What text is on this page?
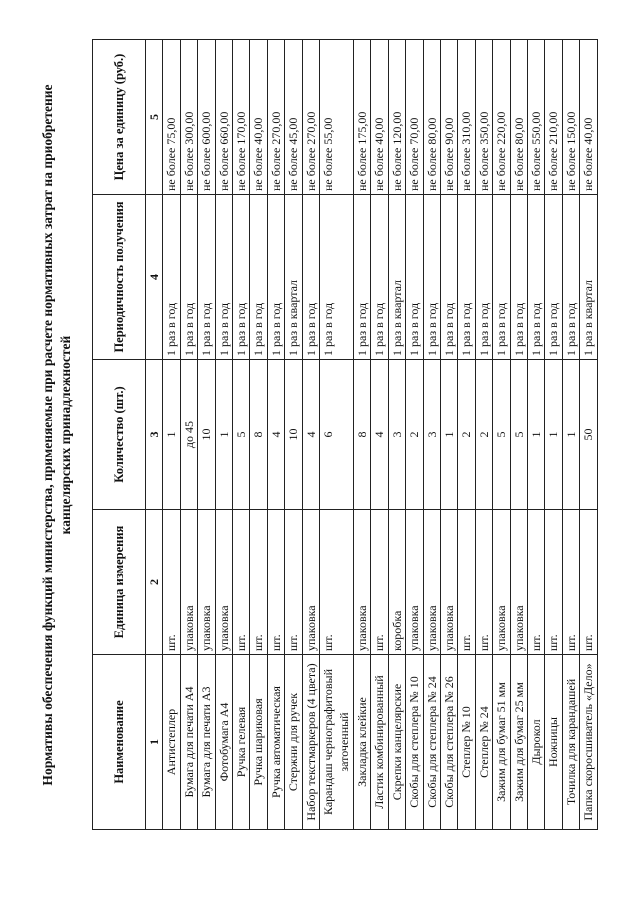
Нормативы обеспечения функций министерства, применяемые при расчете нормативных затрат на приобретение канцелярских принадлежностей
Наименование	Единица измерения	Количество (шт.)	Периодичность получения	Цена за единицу (руб.)
1	2	3	4	5
Антистеплер	шт.	1	1 раз в год	не более 75,00
Бумага для печати А4	упаковка	до 45	1 раз в год	не более 300,00
Бумага для печати А3	упаковка	10	1 раз в год	не более 600,00
Фотобумага А4	упаковка	1	1 раз в год	не более 660,00
Ручка гелевая	шт.	5	1 раз в год	не более 170,00
Ручка шариковая	шт.	8	1 раз в год	не более 40,00
Ручка автоматическая	шт.	4	1 раз в год	не более 270,00
Стержни для ручек	шт.	10	1 раз в квартал	не более 45,00
Набор текстмаркеров (4 цвета)	упаковка	4	1 раз в год	не более 270,00
Карандаш чернографитовый заточенный	шт.	6	1 раз в год	не более 55,00
Закладка клейкие	упаковка	8	1 раз в год	не более 175,00
Ластик комбинированный	шт.	4	1 раз в год	не более 40,00
Скрепки канцелярские	коробка	3	1 раз в квартал	не более 120,00
Скобы для степлера № 10	упаковка	2	1 раз в год	не более 70,00
Скобы для степлера № 24	упаковка	3	1 раз в год	не более 80,00
Скобы для степлера № 26	упаковка	1	1 раз в год	не более 90,00
Степлер № 10	шт.	2	1 раз в год	не более 310,00
Степлер № 24	шт.	2	1 раз в год	не более 350,00
Зажим для бумаг 51 мм	упаковка	5	1 раз в год	не более 220,00
Зажим для бумаг 25 мм	упаковка	5	1 раз в год	не более 80,00
Дырокол	шт.	1	1 раз в год	не более 550,00
Ножницы	шт.	1	1 раз в год	не более 210,00
Точилка для карандашей	шт.	1	1 раз в год	не более 150,00
Папка скоросшиватель «Дело»	шт.	50	1 раз в квартал	не более 40,00
